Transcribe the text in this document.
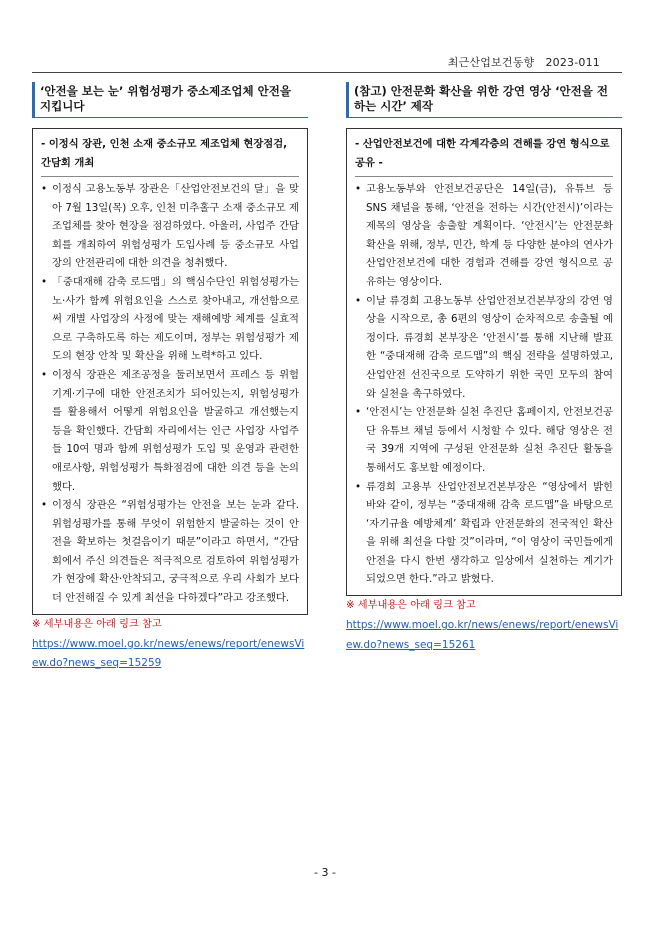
최근산업보건동향 2023-011
‘안전을 보는 눈’ 위험성평가 중소제조업체 안전을 지킵니다
- 이정식 장관, 인천 소재 중소규모 제조업체 현장점검, 간담회 개최
• 이정식 고용노동부 장관은「산업안전보건의 달」을 맞아 7월 13일(목) 오후, 인천 미추홀구 소재 중소규모 제조업체를 찾아 현장을 점검하였다. 아울러, 사업주 간담회를 개최하여 위험성평가 도입사례 등 중소규모 사업장의 안전관리에 대한 의견을 청취했다.
• 「중대재해 감축 로드맵」의 핵심수단인 위험성평가는 노·사가 함께 위험요인을 스스로 찾아내고, 개선함으로써 개별 사업장의 사정에 맞는 재해예방 체계를 실효적으로 구축하도록 하는 제도이며, 정부는 위험성평가 제도의 현장 안착 및 확산을 위해 노력*하고 있다.
• 이정식 장관은 제조공정을 둘러보면서 프레스 등 위험기계·기구에 대한 안전조치가 되어있는지, 위험성평가를 활용해서 어떻게 위험요인을 발굴하고 개선했는지 등을 확인했다. 간담회 자리에서는 인근 사업장 사업주들 10여 명과 함께 위험성평가 도입 및 운영과 관련한 애로사항, 위험성평가 특화점검에 대한 의견 등을 논의했다.
• 이정식 장관은 “위험성평가는 안전을 보는 눈과 같다. 위험성평가를 통해 무엇이 위험한지 발굴하는 것이 안전을 확보하는 첫걸음이기 때문”이라고 하면서, “간담회에서 주신 의견들은 적극적으로 검토하여 위험성평가가 현장에 확산·안착되고, 궁극적으로 우리 사회가 보다 더 안전해질 수 있게 최선을 다하겠다”라고 강조했다.
※ 세부내용은 아래 링크 참고
https://www.moel.go.kr/news/enews/report/enewsView.do?news_seq=15259
(참고) 안전문화 확산을 위한 강연 영상 ‘안전을 전하는 시간’ 제작
- 산업안전보건에 대한 각계각층의 견해를 강연 형식으로 공유 -
• 고용노동부와 안전보건공단은 14일(금), 유튜브 등 SNS 채널을 통해, ‘안전을 전하는 시간(안전시)’이라는 제목의 영상을 송출할 계획이다. ‘안전시’는 안전문화 확산을 위해, 정부, 민간, 학계 등 다양한 분야의 연사가 산업안전보건에 대한 경험과 견해를 강연 형식으로 공유하는 영상이다.
• 이날 류경희 고용노동부 산업안전보건본부장의 강연 영상을 시작으로, 총 6편의 영상이 순차적으로 송출될 예정이다. 류경희 본부장은 ‘안전시’를 통해 지난해 발표한 “중대재해 감축 로드맵”의 핵심 전략을 설명하였고, 산업안전 선진국으로 도약하기 위한 국민 모두의 참여와 실천을 촉구하였다.
• ‘안전시’는 안전문화 실천 추진단 홈페이지, 안전보건공단 유튜브 채널 등에서 시청할 수 있다. 해당 영상은 전국 39개 지역에 구성된 안전문화 실천 추진단 활동을 통해서도 홍보할 예정이다.
• 류경희 고용부 산업안전보건본부장은 “영상에서 밝힌 바와 같이, 정부는 “중대재해 감축 로드맵”을 바탕으로 ‘자기규율 예방체계’ 확립과 안전문화의 전국적인 확산을 위해 최선을 다할 것”이라며, “이 영상이 국민들에게 안전을 다시 한번 생각하고 일상에서 실천하는 계기가 되었으면 한다.”라고 밝혔다.
※ 세부내용은 아래 링크 참고
https://www.moel.go.kr/news/enews/report/enewsView.do?news_seq=15261
- 3 -
